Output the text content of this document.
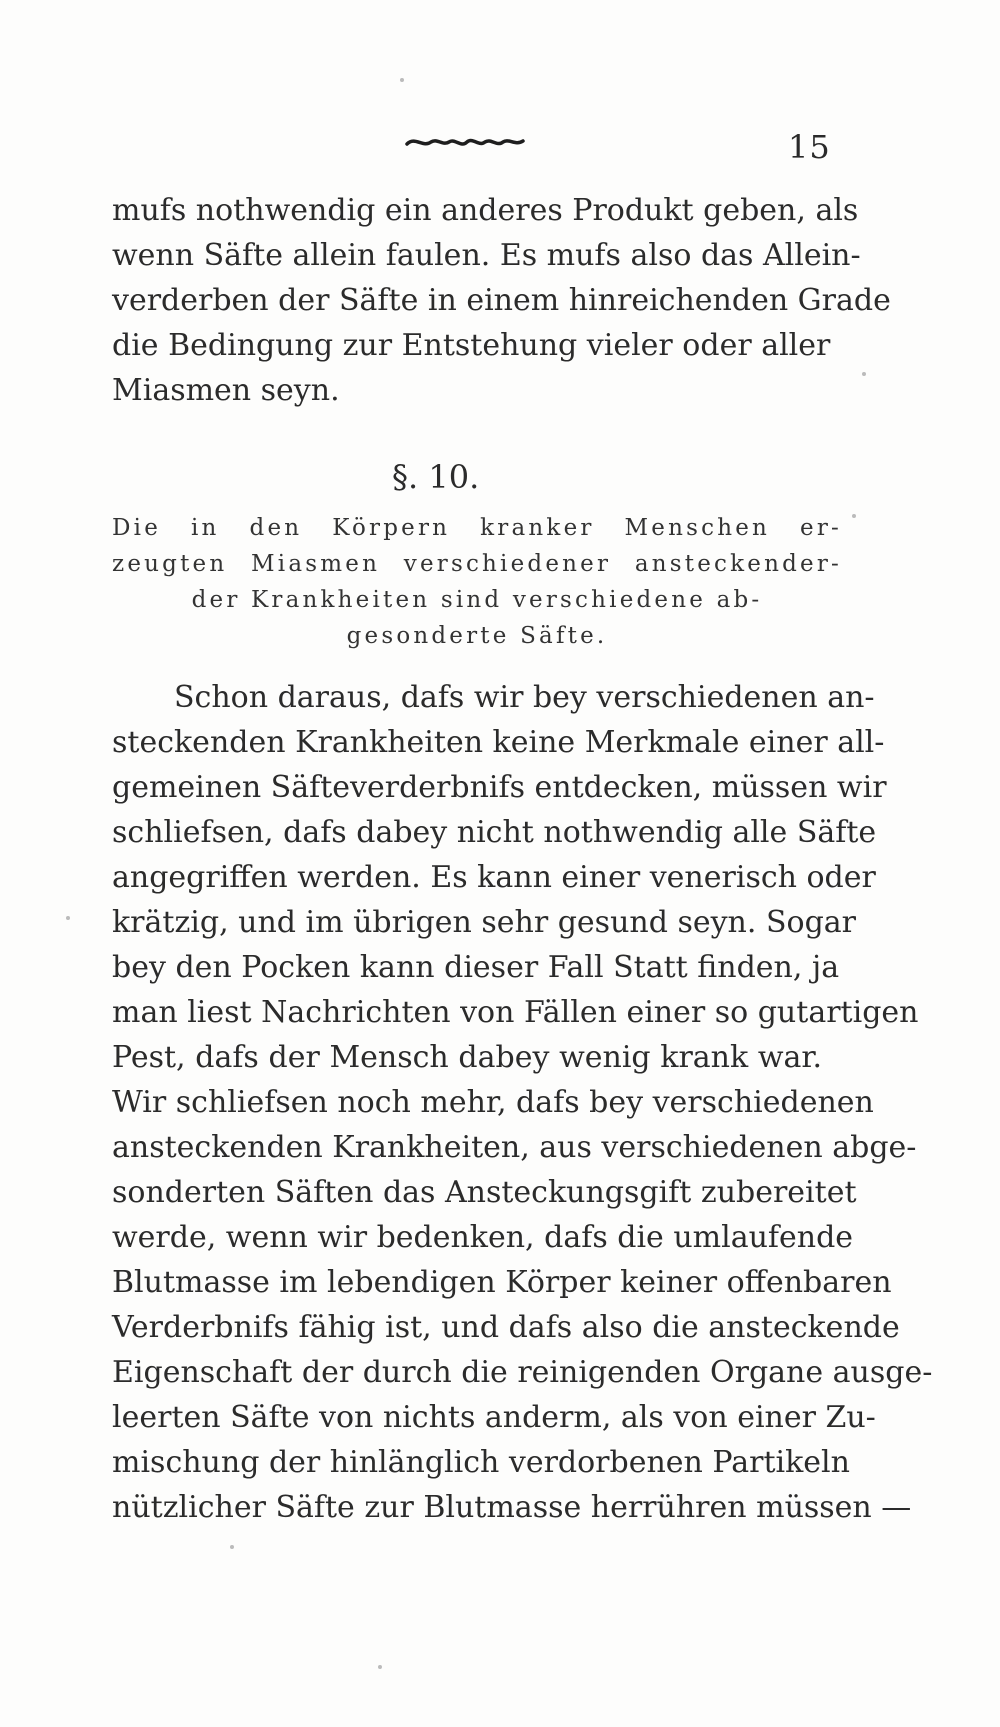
15
mufs nothwendig ein anderes Produkt geben, als
wenn Säfte allein faulen. Es mufs also das Allein-
verderben der Säfte in einem hinreichenden Grade
die Bedingung zur Entstehung vieler oder aller
Miasmen seyn.
§. 10.
Die in den Körpern kranker Menschen er-
zeugten Miasmen verschiedener ansteckender-
der Krankheiten sind verschiedene ab-
gesonderte Säfte.
Schon daraus, dafs wir bey verschiedenen an-
steckenden Krankheiten keine Merkmale einer all-
gemeinen Säfteverderbnifs entdecken, müssen wir
schliefsen, dafs dabey nicht nothwendig alle Säfte
angegriffen werden. Es kann einer venerisch oder
krätzig, und im übrigen sehr gesund seyn. Sogar
bey den Pocken kann dieser Fall Statt finden, ja
man liest Nachrichten von Fällen einer so gutartigen
Pest, dafs der Mensch dabey wenig krank war.
Wir schliefsen noch mehr, dafs bey verschiedenen
ansteckenden Krankheiten, aus verschiedenen abge-
sonderten Säften das Ansteckungsgift zubereitet
werde, wenn wir bedenken, dafs die umlaufende
Blutmasse im lebendigen Körper keiner offenbaren
Verderbnifs fähig ist, und dafs also die ansteckende
Eigenschaft der durch die reinigenden Organe ausge-
leerten Säfte von nichts anderm, als von einer Zu-
mischung der hinlänglich verdorbenen Partikeln
nützlicher Säfte zur Blutmasse herrühren müssen —
